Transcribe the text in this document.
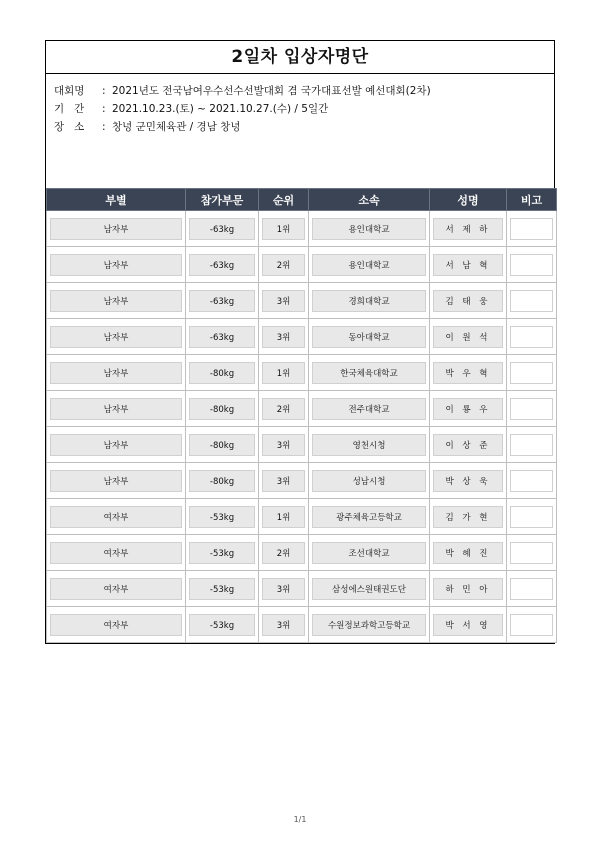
2일차 입상자명단
대회명 : 2021년도 전국남여우수선수선발대회 겸 국가대표선발 예선대회(2차)
기   간 : 2021.10.23.(토) ~ 2021.10.27.(수) / 5일간
장   소 : 창녕 군민체육관 / 경남 창녕
부별	참가부문	순위	소속	성명	비고

남자부	-63kg	1위	용인대학교	서 제 하	

남자부	-63kg	2위	용인대학교	서 남 혁	

남자부	-63kg	3위	경희대학교	김 태 웅	

남자부	-63kg	3위	동아대학교	이 원 석	

남자부	-80kg	1위	한국체육대학교	박 우 혁	

남자부	-80kg	2위	전주대학교	이 룡 우	

남자부	-80kg	3위	영천시청	이 상 준	

남자부	-80kg	3위	성남시청	박 상 욱	

여자부	-53kg	1위	광주체육고등학교	김 가 현	

여자부	-53kg	2위	조선대학교	박 혜 진	

여자부	-53kg	3위	삼성에스원태권도단	하 민 아	

여자부	-53kg	3위	수원정보과학고등학교	박 서 영	

1/1
